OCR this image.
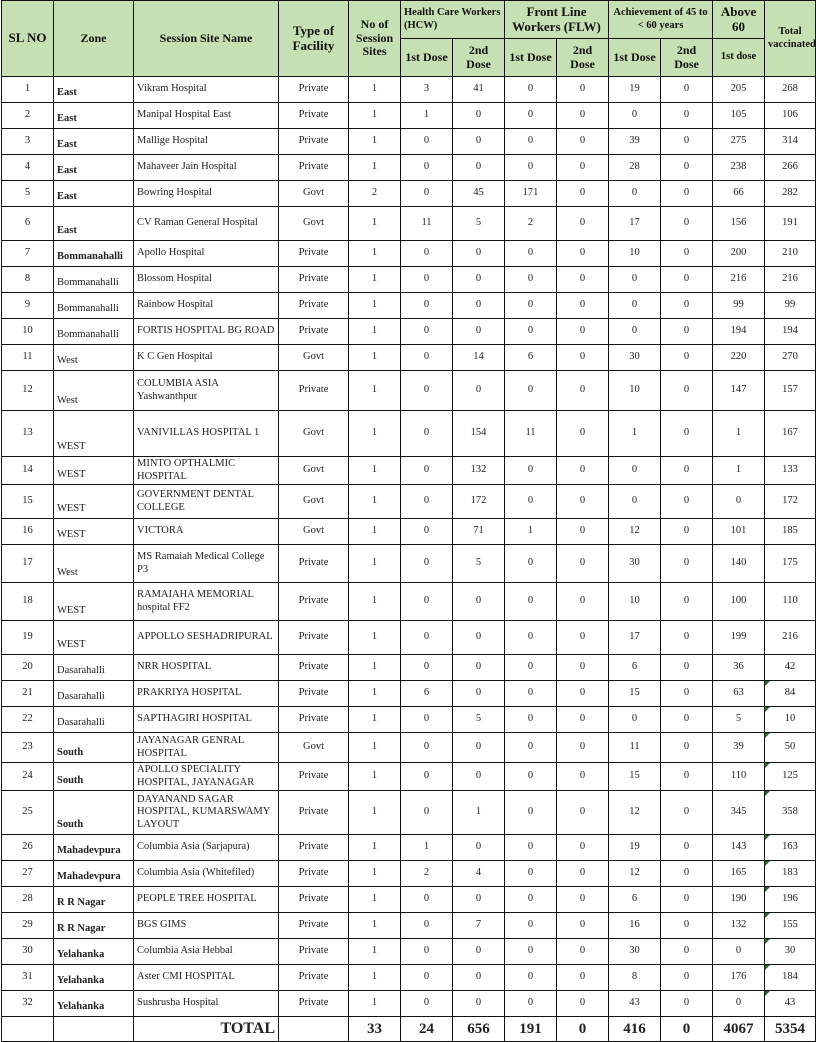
SL NO	Zone	Session Site Name	Type of Facility	No of Session Sites	Health Care Workers (HCW)		Front Line Workers (FLW)		Achievement of 45 to < 60 years		Above 60	Total vaccinated
					1st Dose	2nd Dose	1st Dose	2nd Dose	1st Dose	2nd Dose	1st dose	
1	East	Vikram Hospital	Private	1	3	41	0	0	19	0	205	268
2	East	Manipal Hospital East	Private	1	1	0	0	0	0	0	105	106
3	East	Mallige Hospital	Private	1	0	0	0	0	39	0	275	314
4	East	Mahaveer Jain Hospital	Private	1	0	0	0	0	28	0	238	266
5	East	Bowring Hospital	Govt	2	0	45	171	0	0	0	66	282
6	East	CV Raman General Hospital	Govt	1	11	5	2	0	17	0	156	191
7	Bommanahalli	Apollo Hospital	Private	1	0	0	0	0	10	0	200	210
8	Bommanahalli	Blossom Hospital	Private	1	0	0	0	0	0	0	216	216
9	Bommanahalli	Rainbow Hospital	Private	1	0	0	0	0	0	0	99	99
10	Bommanahalli	FORTIS HOSPITAL BG ROAD	Private	1	0	0	0	0	0	0	194	194
11	West	K C Gen Hospital	Govt	1	0	14	6	0	30	0	220	270
12	West	COLUMBIA ASIA Yashwanthpur	Private	1	0	0	0	0	10	0	147	157
13	WEST	VANIVILLAS HOSPITAL 1	Govt	1	0	154	11	0	1	0	1	167
14	WEST	MINTO OPTHALMIC HOSPITAL	Govt	1	0	132	0	0	0	0	1	133
15	WEST	GOVERNMENT DENTAL COLLEGE	Govt	1	0	172	0	0	0	0	0	172
16	WEST	VICTORA	Govt	1	0	71	1	0	12	0	101	185
17	West	MS Ramaiah Medical College P3	Private	1	0	5	0	0	30	0	140	175
18	WEST	RAMAIAHA MEMORIAL hospital FF2	Private	1	0	0	0	0	10	0	100	110
19	WEST	APPOLLO SESHADRIPURAL	Private	1	0	0	0	0	17	0	199	216
20	Dasarahalli	NRR HOSPITAL	Private	1	0	0	0	0	6	0	36	42
21	Dasarahalli	PRAKRIYA HOSPITAL	Private	1	6	0	0	0	15	0	63	84
22	Dasarahalli	SAPTHAGIRI HOSPITAL	Private	1	0	5	0	0	0	0	5	10
23	South	JAYANAGAR GENRAL HOSPITAL	Govt	1	0	0	0	0	11	0	39	50
24	South	APOLLO SPECIALITY HOSPITAL, JAYANAGAR	Private	1	0	0	0	0	15	0	110	125
25	South	DAYANAND SAGAR HOSPITAL, KUMARSWAMY LAYOUT	Private	1	0	1	0	0	12	0	345	358
26	Mahadevpura	Columbia Asia (Sarjapura)	Private	1	1	0	0	0	19	0	143	163
27	Mahadevpura	Columbia Asia (Whitefiled)	Private	1	2	4	0	0	12	0	165	183
28	R R Nagar	PEOPLE TREE HOSPITAL	Private	1	0	0	0	0	6	0	190	196
29	R R Nagar	BGS GIMS	Private	1	0	7	0	0	16	0	132	155
30	Yelahanka	Columbia Asia Hebbal	Private	1	0	0	0	0	30	0	0	30
31	Yelahanka	Aster CMI HOSPITAL	Private	1	0	0	0	0	8	0	176	184
32	Yelahanka	Sushrusha Hospital	Private	1	0	0	0	0	43	0	0	43
		TOTAL		33	24	656	191	0	416	0	4067	5354
